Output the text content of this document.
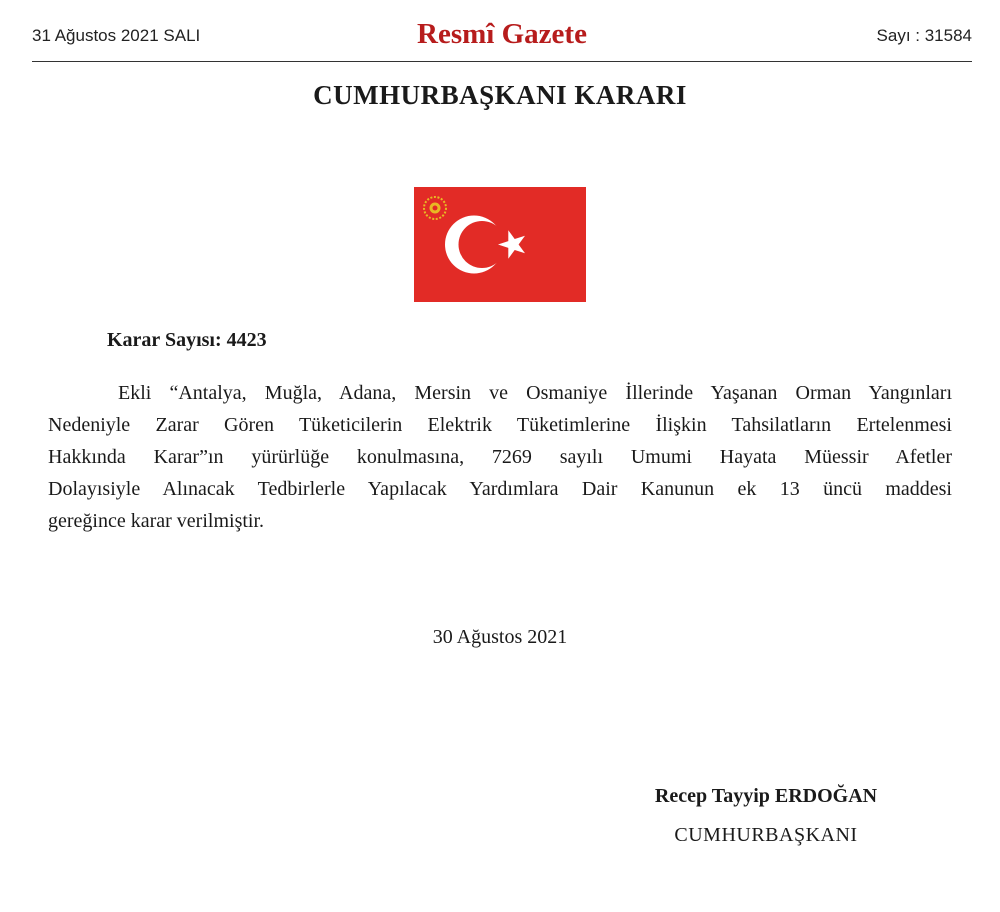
31 Ağustos 2021 SALI	Resmî Gazete	Sayı : 31584
CUMHURBAŞKANI KARARI
Karar Sayısı: 4423
Ekli “Antalya, Muğla, Adana, Mersin ve Osmaniye İllerinde Yaşanan Orman Yangınları
Nedeniyle Zarar Gören Tüketicilerin Elektrik Tüketimlerine İlişkin Tahsilatların Ertelenmesi
Hakkında Karar”ın yürürlüğe konulmasına, 7269 sayılı Umumi Hayata Müessir Afetler
Dolayısiyle Alınacak Tedbirlerle Yapılacak Yardımlara Dair Kanunun ek 13 üncü maddesi
gereğince karar verilmiştir.
30 Ağustos 2021
Recep Tayyip ERDOĞAN
CUMHURBAŞKANI
